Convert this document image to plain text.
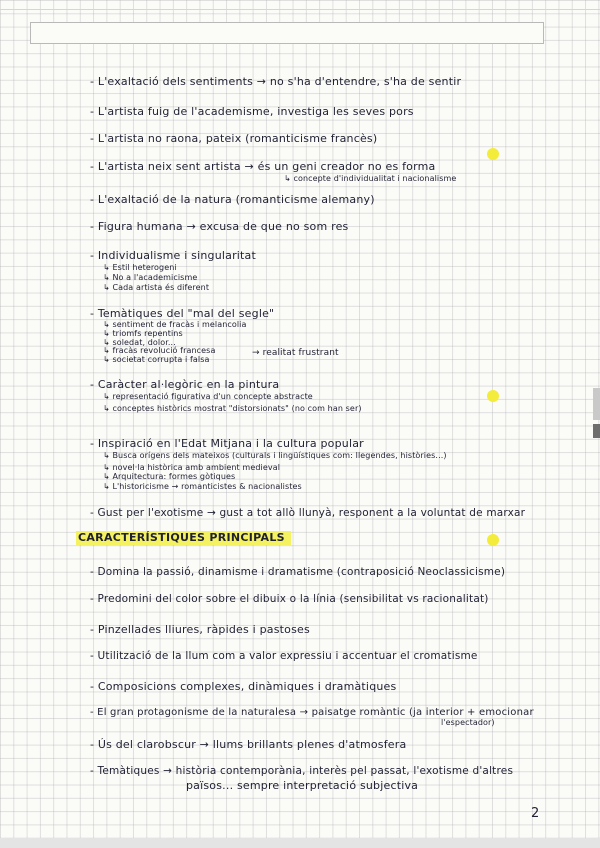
- L'exaltació dels sentiments → no s'ha d'entendre, s'ha de sentir
- L'artista fuig de l'academisme, investiga les seves pors
- L'artista no raona, pateix (romanticisme francès)
- L'artista neix sent artista → és un geni creador no es forma
↳ concepte d'individualitat i nacionalisme
- L'exaltació de la natura (romanticisme alemany)
- Figura humana → excusa de que no som res
- Individualisme i singularitat
↳ Estil heterogeni
↳ No a l'academicisme
↳ Cada artista és diferent
- Temàtiques del "mal del segle"
↳ sentiment de fracàs i melancolia
↳ triomfs repentins
↳ soledat, dolor...
↳ fracàs revolució francesa
↳ societat corrupta i falsa
→ realitat frustrant
- Caràcter al·legòric en la pintura
↳ representació figurativa d'un concepte abstracte
↳ conceptes històrics mostrat "distorsionats" (no com han ser)
- Inspiració en l'Edat Mitjana i la cultura popular
↳ Busca orígens dels mateixos (culturals i lingüístiques com: llegendes, històries...)
↳ novel·la històrica amb ambient medieval
↳ Arquitectura: formes gòtiques
↳ L'historicisme → romanticistes & nacionalistes
- Gust per l'exotisme → gust a tot allò llunyà, responent a la voluntat de marxar
CARACTERÍSTIQUES PRINCIPALS
- Domina la passió, dinamisme i dramatisme (contraposició Neoclassicisme)
- Predomini del color sobre el dibuix o la línia (sensibilitat vs racionalitat)
- Pinzellades lliures, ràpides i pastoses
- Utilització de la llum com a valor expressiu i accentuar el cromatisme
- Composicions complexes, dinàmiques i dramàtiques
- El gran protagonisme de la naturalesa → paisatge romàntic (ja interior + emocionar
l'espectador)
- Ús del clarobscur → llums brillants plenes d'atmosfera
- Temàtiques → història contemporània, interès pel passat, l'exotisme d'altres
països... sempre interpretació subjectiva
2
